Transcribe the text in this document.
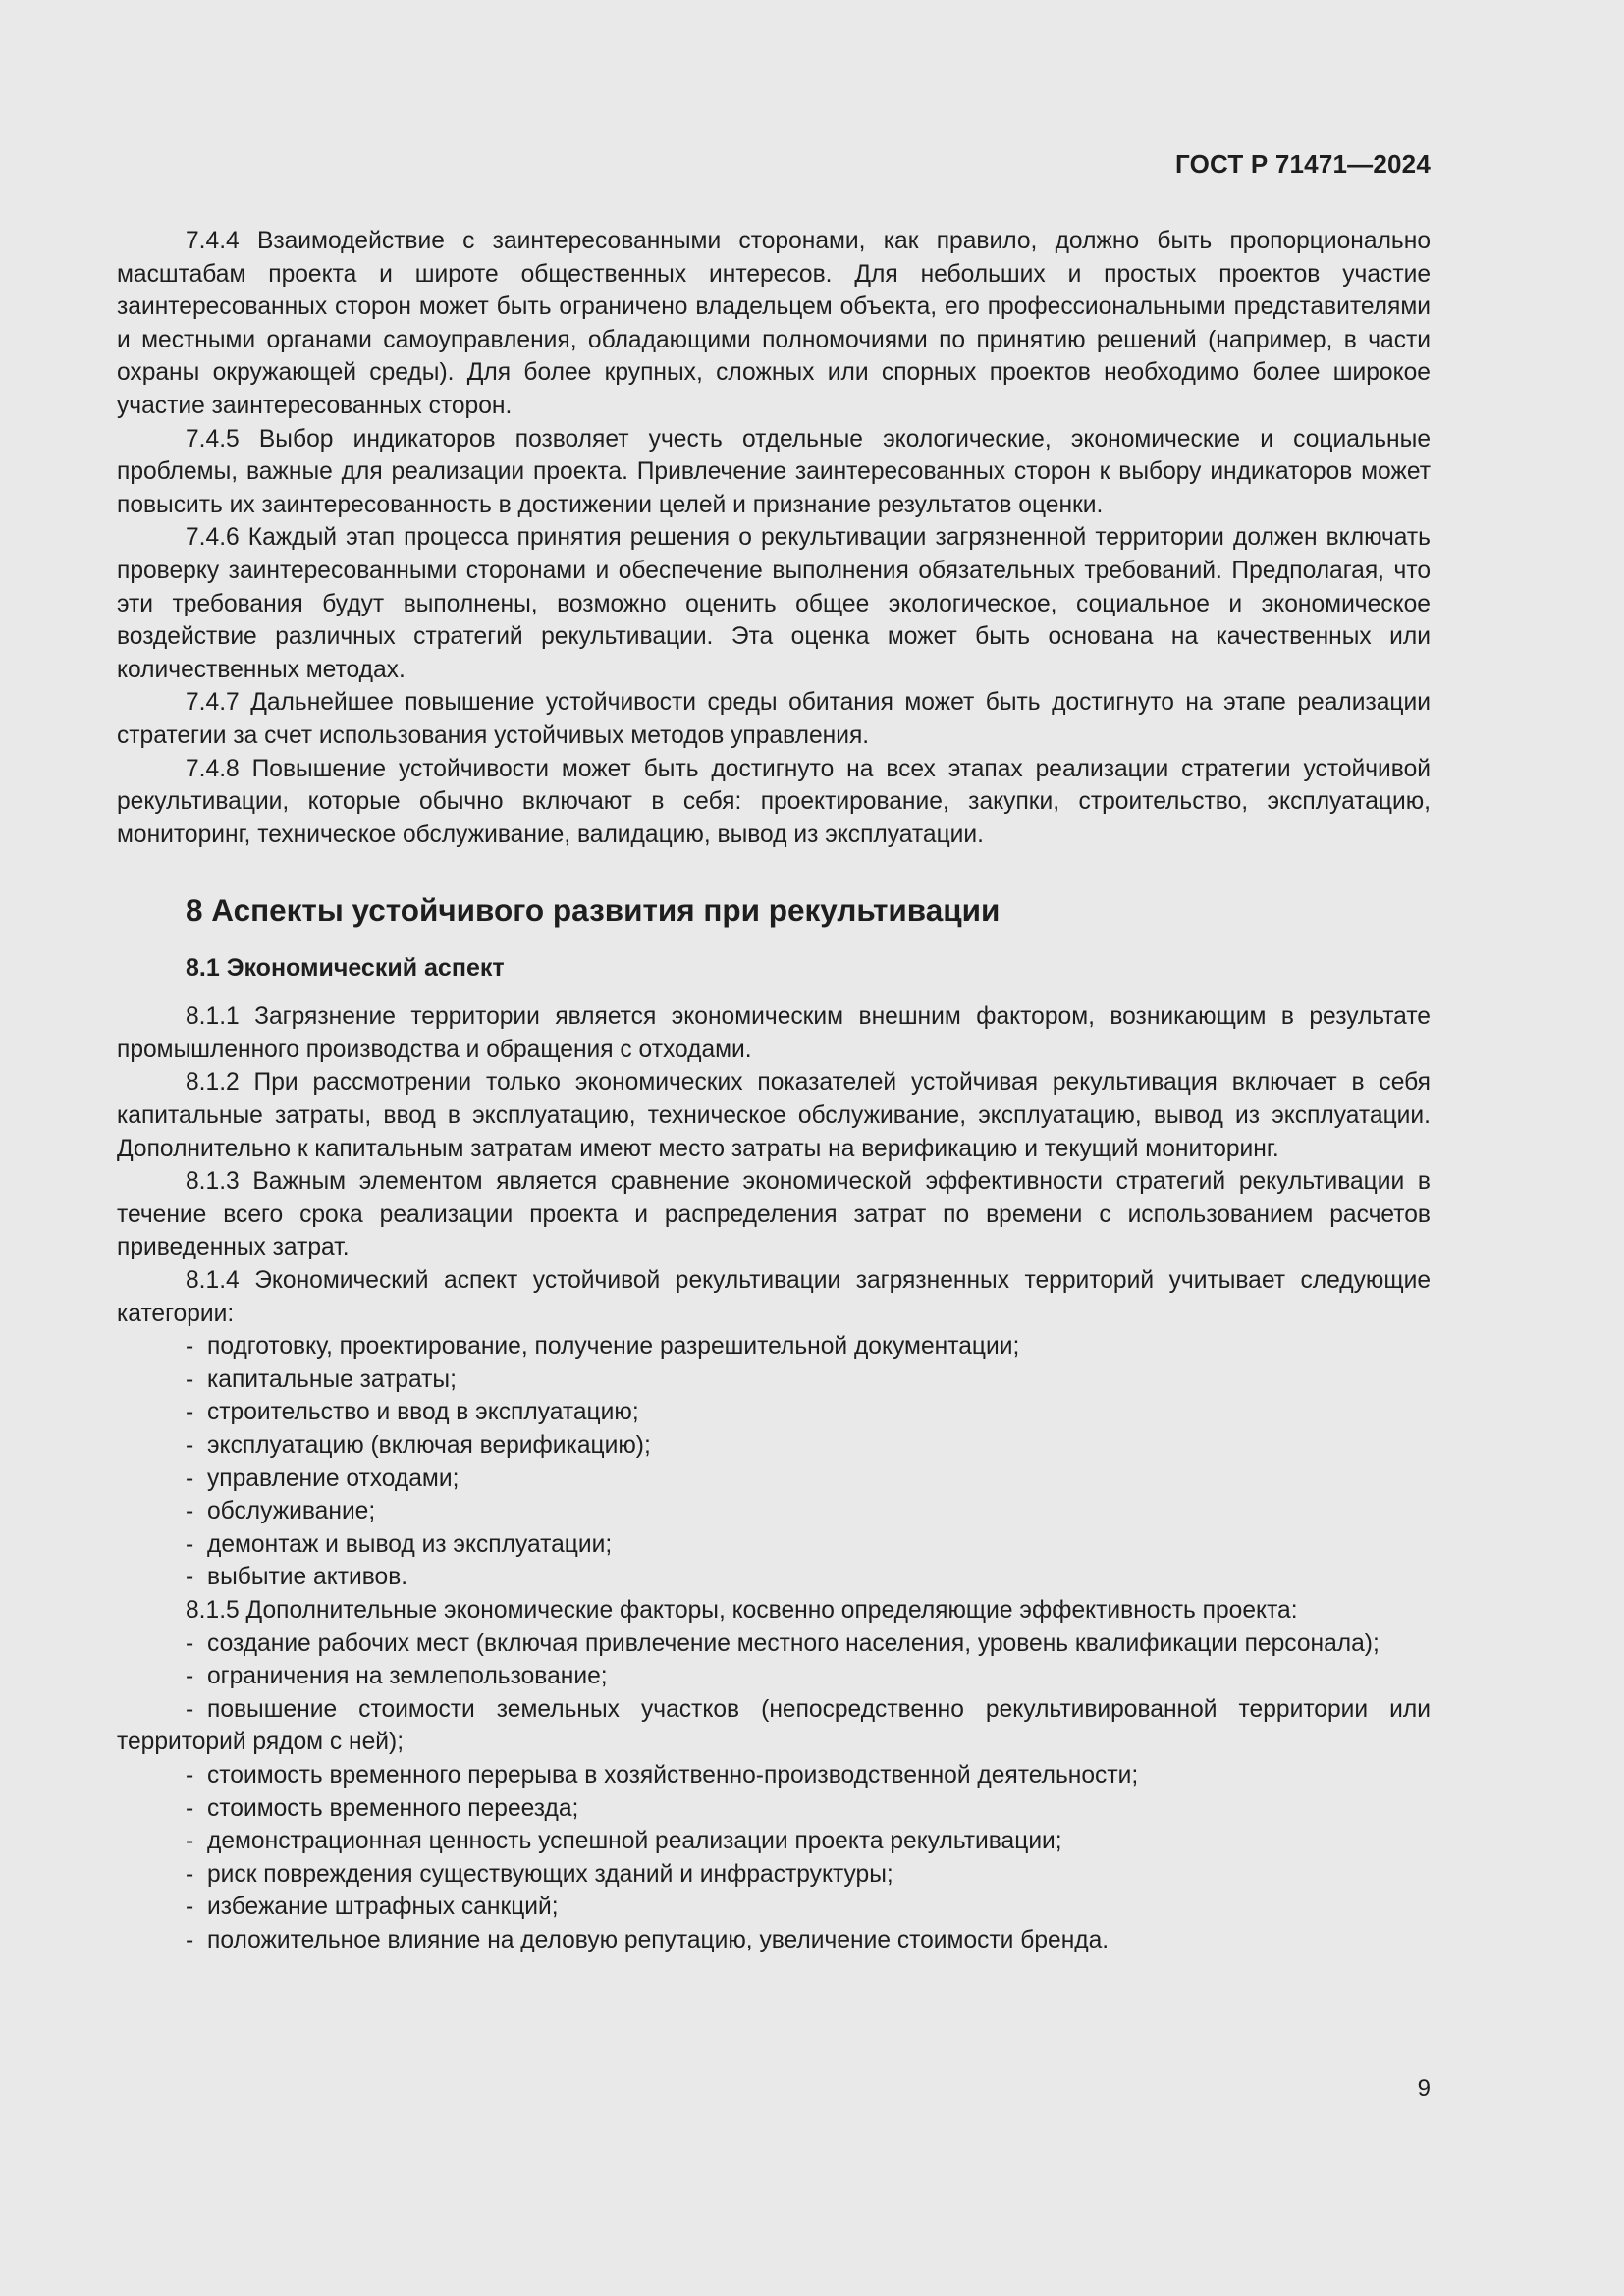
ГОСТ Р 71471—2024

7.4.4 Взаимодействие с заинтересованными сторонами, как правило, должно быть пропорционально масштабам проекта и широте общественных интересов. Для небольших и простых проектов участие заинтересованных сторон может быть ограничено владельцем объекта, его профессиональными представителями и местными органами самоуправления, обладающими полномочиями по принятию решений (например, в части охраны окружающей среды). Для более крупных, сложных или спорных проектов необходимо более широкое участие заинтересованных сторон.

7.4.5 Выбор индикаторов позволяет учесть отдельные экологические, экономические и социальные проблемы, важные для реализации проекта. Привлечение заинтересованных сторон к выбору индикаторов может повысить их заинтересованность в достижении целей и признание результатов оценки.

7.4.6 Каждый этап процесса принятия решения о рекультивации загрязненной территории должен включать проверку заинтересованными сторонами и обеспечение выполнения обязательных требований. Предполагая, что эти требования будут выполнены, возможно оценить общее экологическое, социальное и экономическое воздействие различных стратегий рекультивации. Эта оценка может быть основана на качественных или количественных методах.

7.4.7 Дальнейшее повышение устойчивости среды обитания может быть достигнуто на этапе реализации стратегии за счет использования устойчивых методов управления.

7.4.8 Повышение устойчивости может быть достигнуто на всех этапах реализации стратегии устойчивой рекультивации, которые обычно включают в себя: проектирование, закупки, строительство, эксплуатацию, мониторинг, техническое обслуживание, валидацию, вывод из эксплуатации.

8 Аспекты устойчивого развития при рекультивации
8.1 Экономический аспект

8.1.1 Загрязнение территории является экономическим внешним фактором, возникающим в результате промышленного производства и обращения с отходами.

8.1.2 При рассмотрении только экономических показателей устойчивая рекультивация включает в себя капитальные затраты, ввод в эксплуатацию, техническое обслуживание, эксплуатацию, вывод из эксплуатации. Дополнительно к капитальным затратам имеют место затраты на верификацию и текущий мониторинг.

8.1.3 Важным элементом является сравнение экономической эффективности стратегий рекультивации в течение всего срока реализации проекта и распределения затрат по времени с использованием расчетов приведенных затрат.

8.1.4 Экономический аспект устойчивой рекультивации загрязненных территорий учитывает следующие категории:

- подготовку, проектирование, получение разрешительной документации;

- капитальные затраты;

- строительство и ввод в эксплуатацию;

- эксплуатацию (включая верификацию);

- управление отходами;

- обслуживание;

- демонтаж и вывод из эксплуатации;

- выбытие активов.

8.1.5 Дополнительные экономические факторы, косвенно определяющие эффективность проекта:

- создание рабочих мест (включая привлечение местного населения, уровень квалификации персонала);

- ограничения на землепользование;

- повышение стоимости земельных участков (непосредственно рекультивированной территории или территорий рядом с ней);

- стоимость временного перерыва в хозяйственно-производственной деятельности;

- стоимость временного переезда;

- демонстрационная ценность успешной реализации проекта рекультивации;

- риск повреждения существующих зданий и инфраструктуры;

- избежание штрафных санкций;

- положительное влияние на деловую репутацию, увеличение стоимости бренда.

9
